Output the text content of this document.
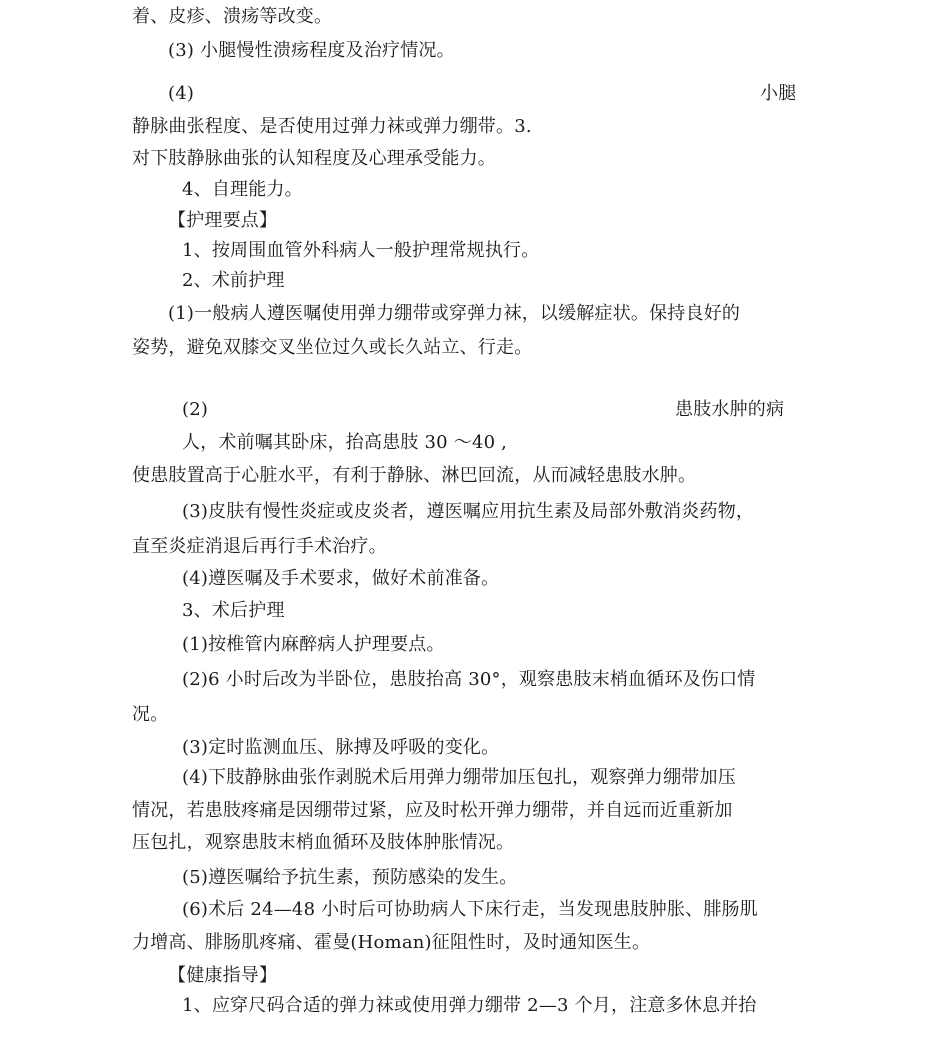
着、皮疹、溃疡等改变。
(3) 小腿慢性溃疡程度及治疗情况。
(4)	小腿
静脉曲张程度、是否使用过弹力袜或弹力绷带。3.
对下肢静脉曲张的认知程度及心理承受能力。
4、自理能力。
【护理要点】
1、按周围血管外科病人一般护理常规执行。
2、术前护理
(1)一般病人遵医嘱使用弹力绷带或穿弹力袜，以缓解症状。保持良好的
姿势，避免双膝交叉坐位过久或长久站立、行走。
(2)	患肢水肿的病
人，术前嘱其卧床，抬高患肢 30 ～40 ,
使患肢置高于心脏水平，有利于静脉、淋巴回流，从而减轻患肢水肿。
(3)皮肤有慢性炎症或皮炎者，遵医嘱应用抗生素及局部外敷消炎药物，
直至炎症消退后再行手术治疗。
(4)遵医嘱及手术要求，做好术前准备。
3、术后护理
(1)按椎管内麻醉病人护理要点。
(2)6 小时后改为半卧位，患肢抬高 30°，观察患肢末梢血循环及伤口情
况。
(3)定时监测血压、脉搏及呼吸的变化。
(4)下肢静脉曲张作剥脱术后用弹力绷带加压包扎，观察弹力绷带加压
情况，若患肢疼痛是因绷带过紧，应及时松开弹力绷带，并自远而近重新加
压包扎，观察患肢末梢血循环及肢体肿胀情况。
(5)遵医嘱给予抗生素，预防感染的发生。
(6)术后 24—48 小时后可协助病人下床行走，当发现患肢肿胀、腓肠肌
力增高、腓肠肌疼痛、霍曼(Homan)征阻性时，及时通知医生。
【健康指导】
1、应穿尺码合适的弹力袜或使用弹力绷带 2—3 个月，注意多休息并抬
